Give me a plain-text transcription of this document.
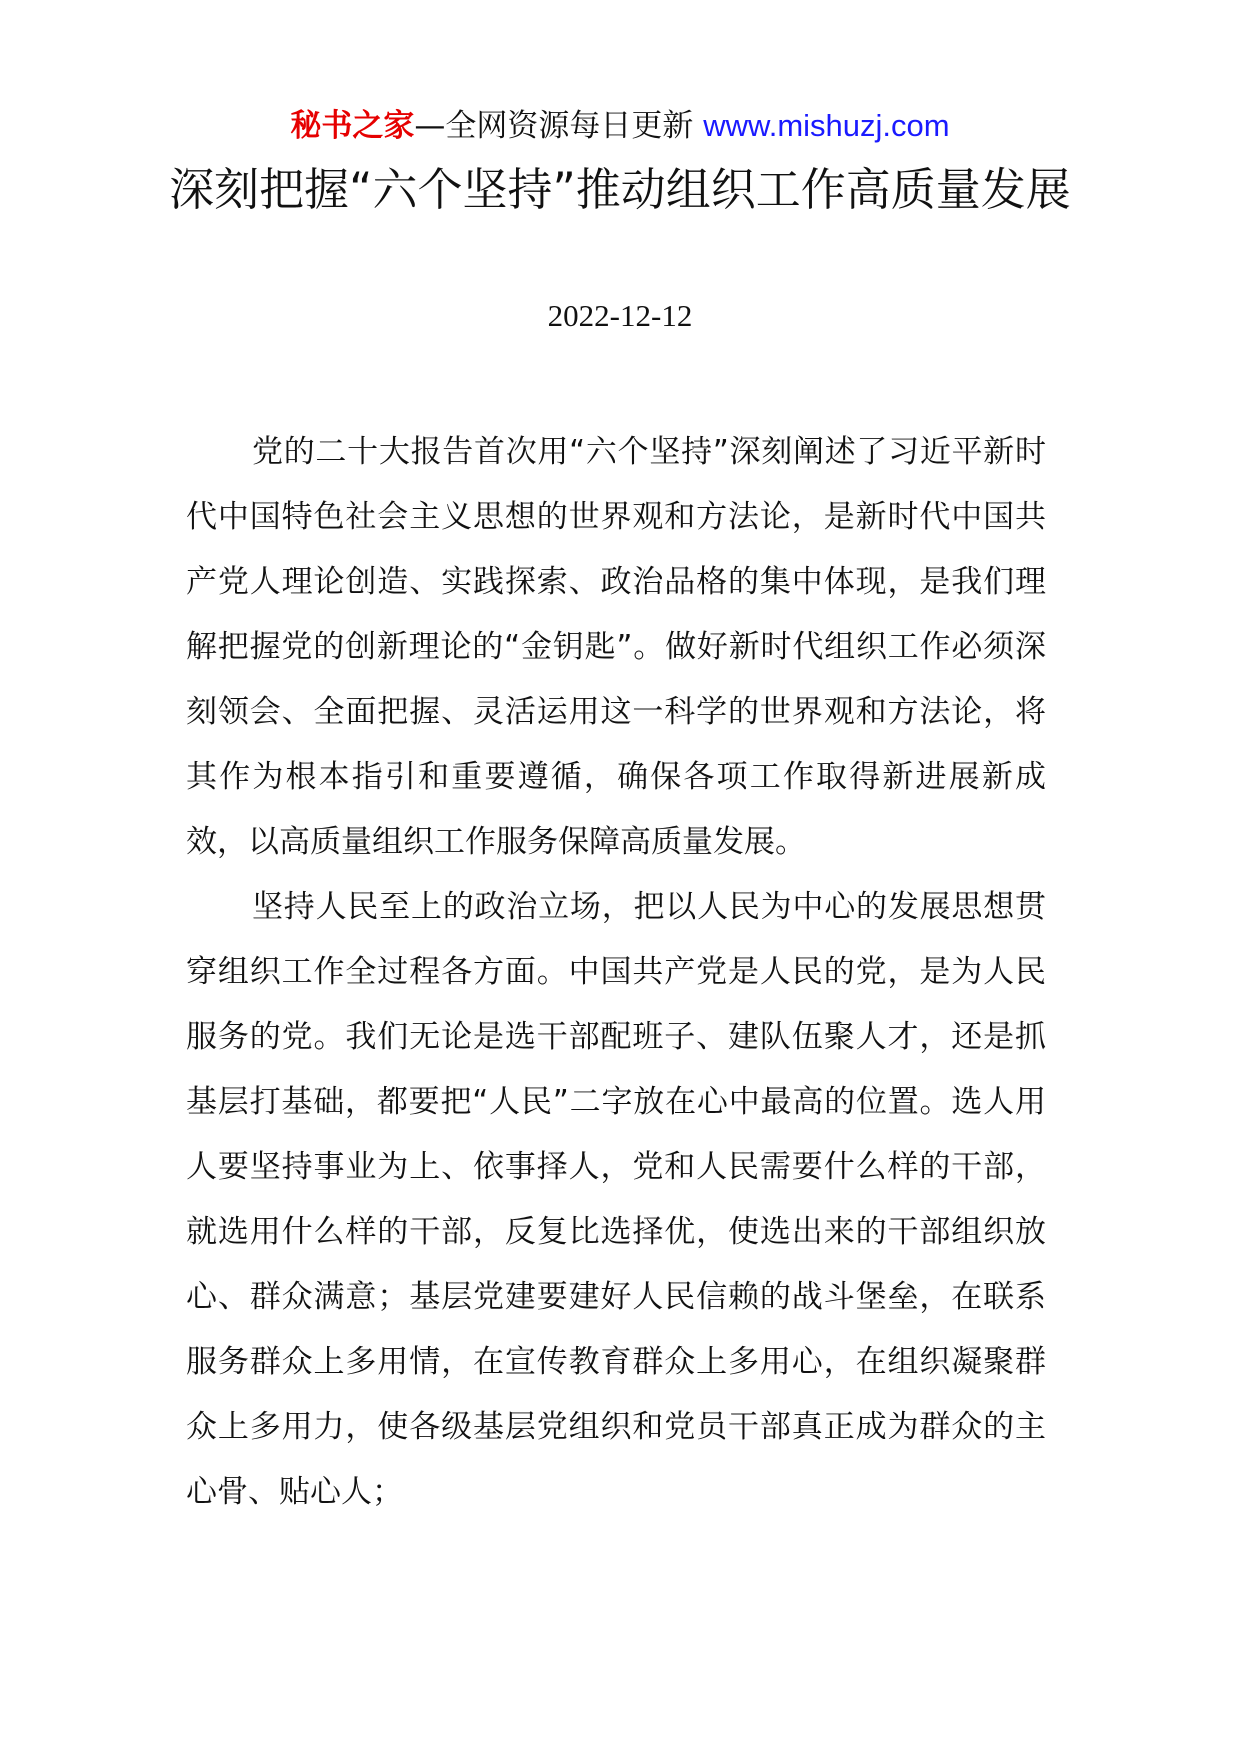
秘书之家—全网资源每日更新 www.mishuzj.com
深刻把握“六个坚持”推动组织工作高质量发展
2022-12-12

党的二十大报告首次用“六个坚持”深刻阐述了习近平新时代中国特色社会主义思想的世界观和方法论，是新时代中国共产党人理论创造、实践探索、政治品格的集中体现，是我们理解把握党的创新理论的“金钥匙”。做好新时代组织工作必须深刻领会、全面把握、灵活运用这一科学的世界观和方法论，将其作为根本指引和重要遵循，确保各项工作取得新进展新成效，以高质量组织工作服务保障高质量发展。

坚持人民至上的政治立场，把以人民为中心的发展思想贯穿组织工作全过程各方面。中国共产党是人民的党，是为人民服务的党。我们无论是选干部配班子、建队伍聚人才，还是抓基层打基础，都要把“人民”二字放在心中最高的位置。选人用人要坚持事业为上、依事择人，党和人民需要什么样的干部，就选用什么样的干部，反复比选择优，使选出来的干部组织放心、群众满意；基层党建要建好人民信赖的战斗堡垒，在联系服务群众上多用情，在宣传教育群众上多用心，在组织凝聚群众上多用力，使各级基层党组织和党员干部真正成为群众的主心骨、贴心人；
